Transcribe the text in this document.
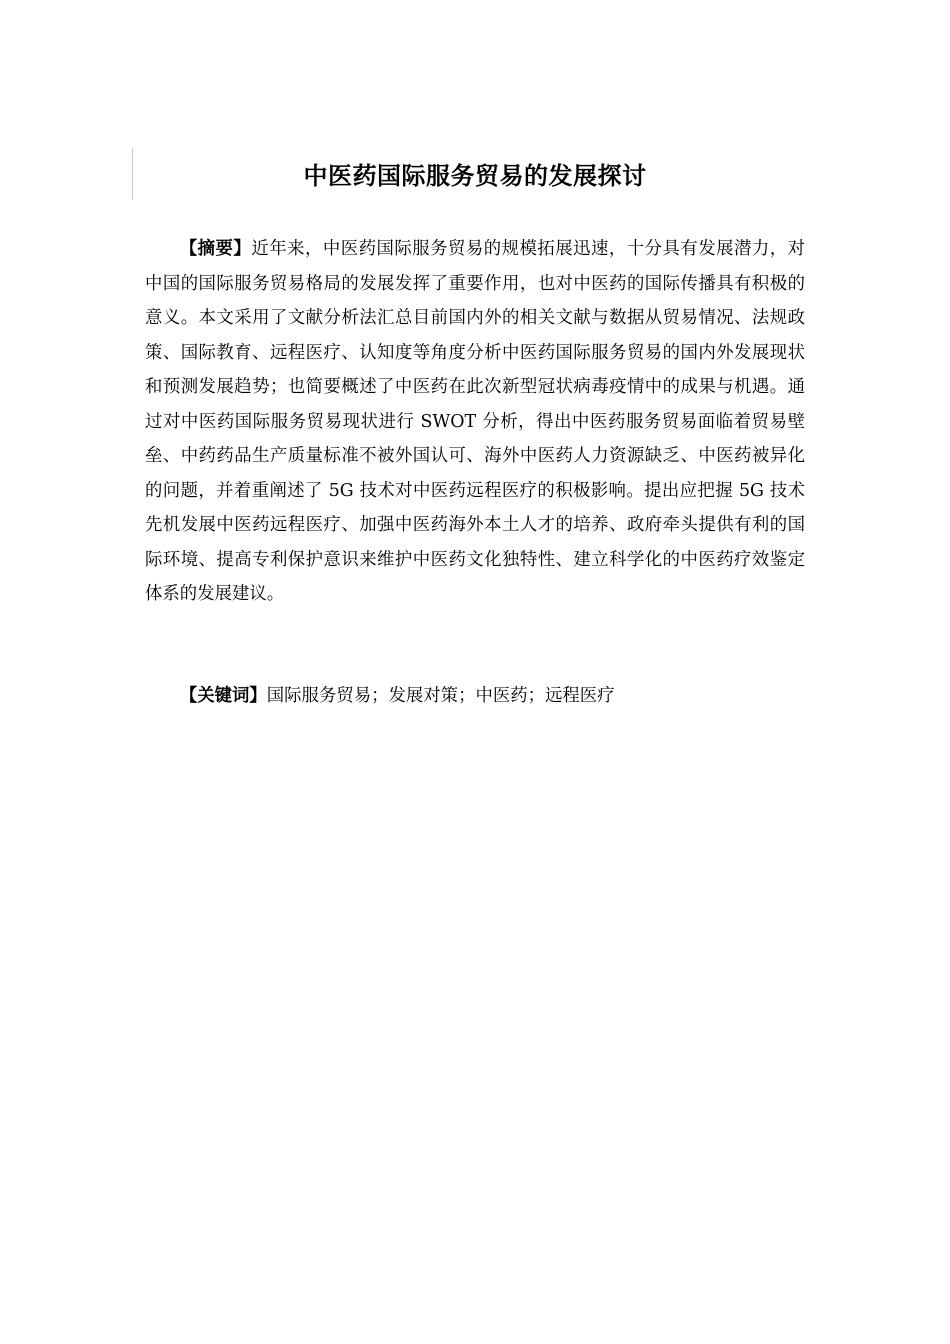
中医药国际服务贸易的发展探讨

【摘要】近年来，中医药国际服务贸易的规模拓展迅速，十分具有发展潜力，对中国的国际服务贸易格局的发展发挥了重要作用，也对中医药的国际传播具有积极的意义。本文采用了文献分析法汇总目前国内外的相关文献与数据从贸易情况、法规政策、国际教育、远程医疗、认知度等角度分析中医药国际服务贸易的国内外发展现状和预测发展趋势；也简要概述了中医药在此次新型冠状病毒疫情中的成果与机遇。通过对中医药国际服务贸易现状进行 SWOT 分析，得出中医药服务贸易面临着贸易壁垒、中药药品生产质量标准不被外国认可、海外中医药人力资源缺乏、中医药被异化的问题，并着重阐述了 5G 技术对中医药远程医疗的积极影响。提出应把握 5G 技术先机发展中医药远程医疗、加强中医药海外本土人才的培养、政府牵头提供有利的国际环境、提高专利保护意识来维护中医药文化独特性、建立科学化的中医药疗效鉴定体系的发展建议。

【关键词】国际服务贸易；发展对策；中医药；远程医疗
